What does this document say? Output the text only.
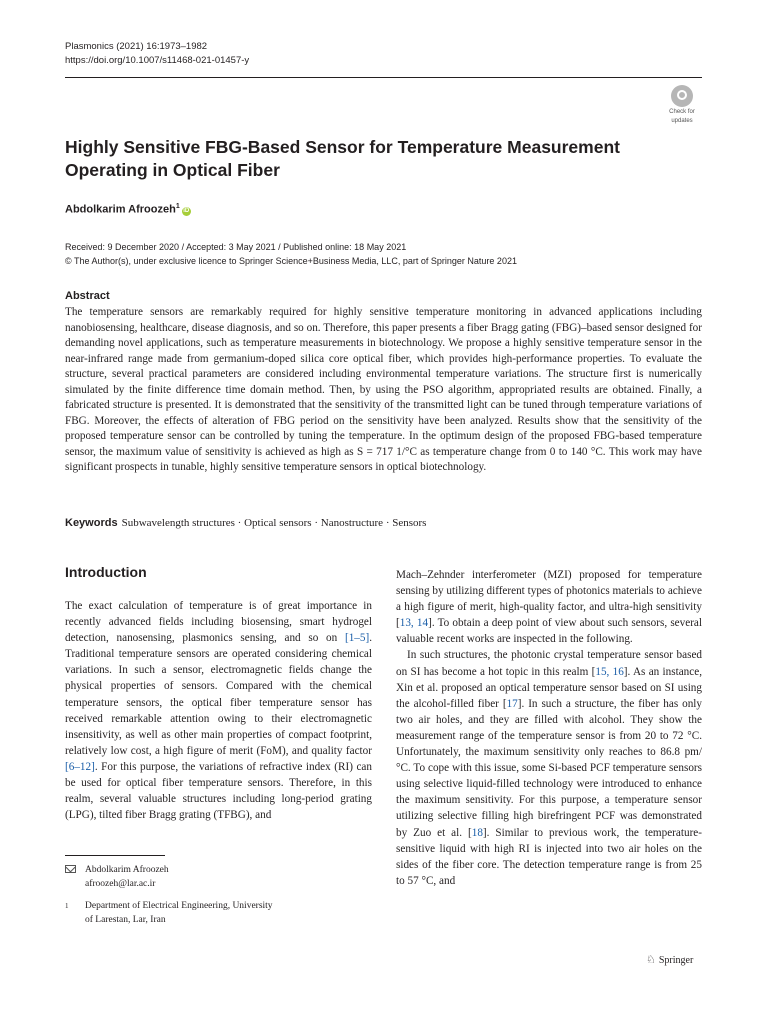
Plasmonics (2021) 16:1973–1982
https://doi.org/10.1007/s11468-021-01457-y
Check for
updates
Highly Sensitive FBG-Based Sensor for Temperature Measurement Operating in Optical Fiber
Abdolkarim Afroozeh$^1$iD
Received: 9 December 2020 / Accepted: 3 May 2021 / Published online: 18 May 2021
© The Author(s), under exclusive licence to Springer Science+Business Media, LLC, part of Springer Nature 2021
Abstract
The temperature sensors are remarkably required for highly sensitive temperature monitoring in advanced applications including nanobiosensing, healthcare, disease diagnosis, and so on. Therefore, this paper presents a fiber Bragg gating (FBG)–based sensor designed for demanding novel applications, such as temperature measurements in biotechnology. We propose a highly sensitive temperature sensor in the near-infrared range made from germanium-doped silica core optical fiber, which provides high-performance properties. To evaluate the structure, several practical parameters are considered including environmental temperature variations. The structure first is numerically simulated by the finite difference time domain method. Then, by using the PSO algorithm, appropriated results are obtained. Finally, a fabricated structure is presented. It is demonstrated that the sensitivity of the transmitted light can be tuned through temperature variations of FBG. Moreover, the effects of alteration of FBG period on the sensitivity have been analyzed. Results show that the sensitivity of the proposed temperature sensor can be controlled by tuning the temperature. In the optimum design of the proposed FBG-based temperature sensor, the maximum value of sensitivity is achieved as high as S = 717 1/°C as temperature change from 0 to 140 °C. This work may have significant prospects in tunable, highly sensitive temperature sensors in optical biotechnology.
Keywords Subwavelength structures · Optical sensors · Nanostructure · Sensors
Introduction

The exact calculation of temperature is of great importance in recently advanced fields including biosensing, smart hydrogel detection, nanosensing, plasmonics sensing, and so on [1–5]. Traditional temperature sensors are operated considering chemical variations. In such a sensor, electromagnetic fields change the physical properties of sensors. Compared with the chemical temperature sensors, the optical fiber temperature sensor has received remarkable attention owing to their electromagnetic insensitivity, as well as other main properties of compact footprint, relatively low cost, a high figure of merit (FoM), and quality factor [6–12]. For this purpose, the variations of refractive index (RI) can be used for optical fiber temperature sensors. Therefore, in this realm, several valuable structures including long-period grating (LPG), tilted fiber Bragg grating (TFBG), and

Mach–Zehnder interferometer (MZI) proposed for temperature sensing by utilizing different types of photonics materials to achieve a high figure of merit, high-quality factor, and ultra-high sensitivity [13, 14]. To obtain a deep point of view about such sensors, several valuable recent works are inspected in the following.

In such structures, the photonic crystal temperature sensor based on SI has become a hot topic in this realm [15, 16]. As an instance, Xin et al. proposed an optical temperature sensor based on SI using the alcohol-filled fiber [17]. In such a structure, the fiber has only two air holes, and they are filled with alcohol. They show the measurement range of the temperature sensor is from 20 to 72 °C. Unfortunately, the maximum sensitivity only reaches to 86.8 pm/°C. To cope with this issue, some Si-based PCF temperature sensors using selective liquid-filled technology were introduced to enhance the maximum sensitivity. For this purpose, a temperature sensor utilizing selective filling high birefringent PCF was demonstrated by Zuo et al. [18]. Similar to previous work, the temperature-sensitive liquid with high RI is injected into two air holes on the sides of the fiber core. The detection temperature range is from 25 to 57 °C, and

Abdolkarim Afroozeh
afroozeh@lar.ac.ir
1 Department of Electrical Engineering, University
of Larestan, Lar, Iran
♘ Springer
